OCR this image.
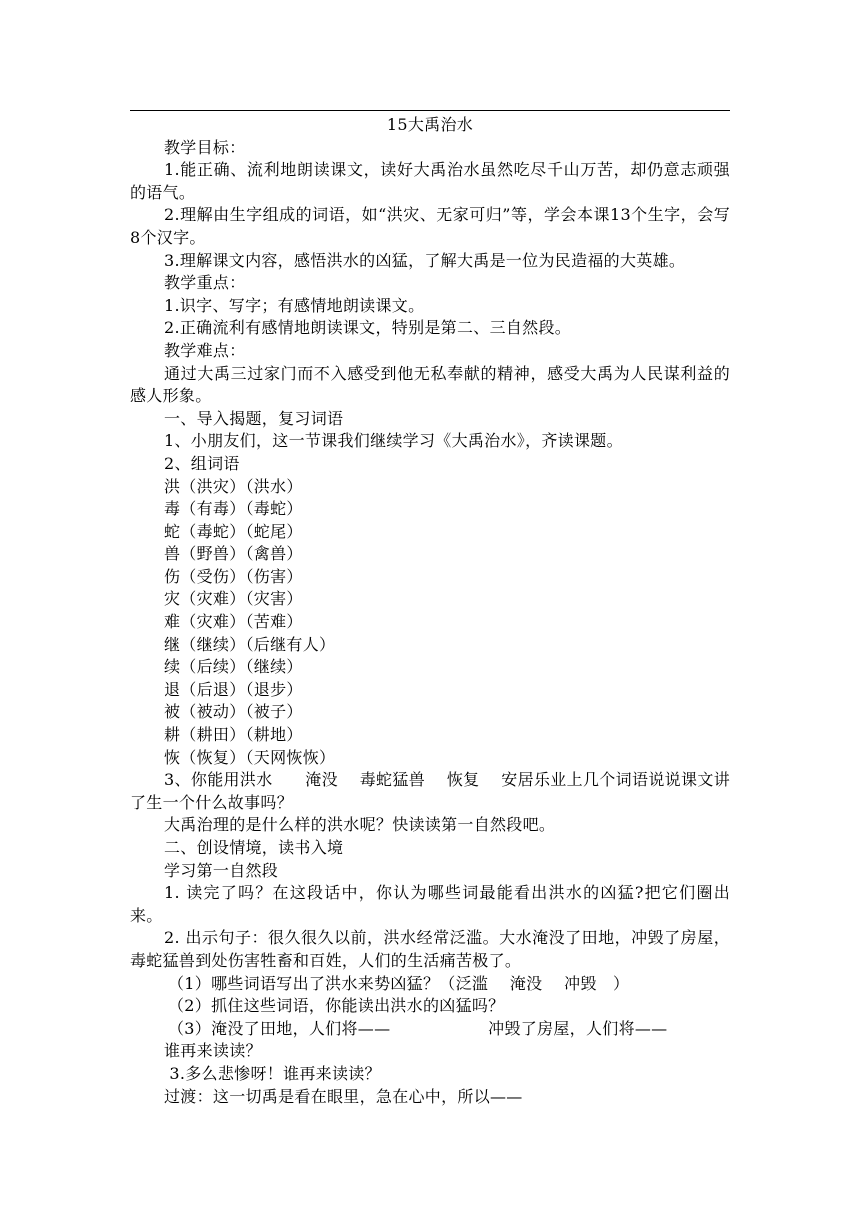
15大禹治水

教学目标：

1.能正确、流利地朗读课文，读好大禹治水虽然吃尽千山万苦，却仍意志顽强的语气。

2.理解由生字组成的词语，如“洪灾、无家可归”等，学会本课13个生字，会写8个汉字。

3.理解课文内容，感悟洪水的凶猛，了解大禹是一位为民造福的大英雄。

教学重点：

1.识字、写字；有感情地朗读课文。

2.正确流利有感情地朗读课文，特别是第二、三自然段。

教学难点：

通过大禹三过家门而不入感受到他无私奉献的精神，感受大禹为人民谋利益的感人形象。

一、导入揭题，复习词语

1、小朋友们，这一节课我们继续学习《大禹治水》，齐读课题。

2、组词语

洪（洪灾）（洪水）

毒（有毒）（毒蛇）

蛇（毒蛇）（蛇尾）

兽（野兽）（禽兽）

伤（受伤）（伤害）

灾（灾难）（灾害）

难（灾难）（苦难）

继（继续）（后继有人）

续（后续）（继续）

退（后退）（退步）

被（被动）（被子）

耕（耕田）（耕地）

恢（恢复）（天网恢恢）

3、你能用洪水　　淹没　 毒蛇猛兽　 恢复　 安居乐业上几个词语说说课文讲了生一个什么故事吗？

大禹治理的是什么样的洪水呢？快读读第一自然段吧。

二、创设情境，读书入境

学习第一自然段

1. 读完了吗？在这段话中，你认为哪些词最能看出洪水的凶猛?把它们圈出来。

2. 出示句子：很久很久以前，洪水经常泛滥。大水淹没了田地，冲毁了房屋，毒蛇猛兽到处伤害牲畜和百姓，人们的生活痛苦极了。

（1）哪些词语写出了洪水来势凶猛？（泛滥　 淹没　 冲毁　）

（2）抓住这些词语，你能读出洪水的凶猛吗？

（3）淹没了田地，人们将——　　　　　　冲毁了房屋，人们将——

谁再来读读？

3.多么悲惨呀！谁再来读读？

过渡：这一切禹是看在眼里，急在心中，所以——
